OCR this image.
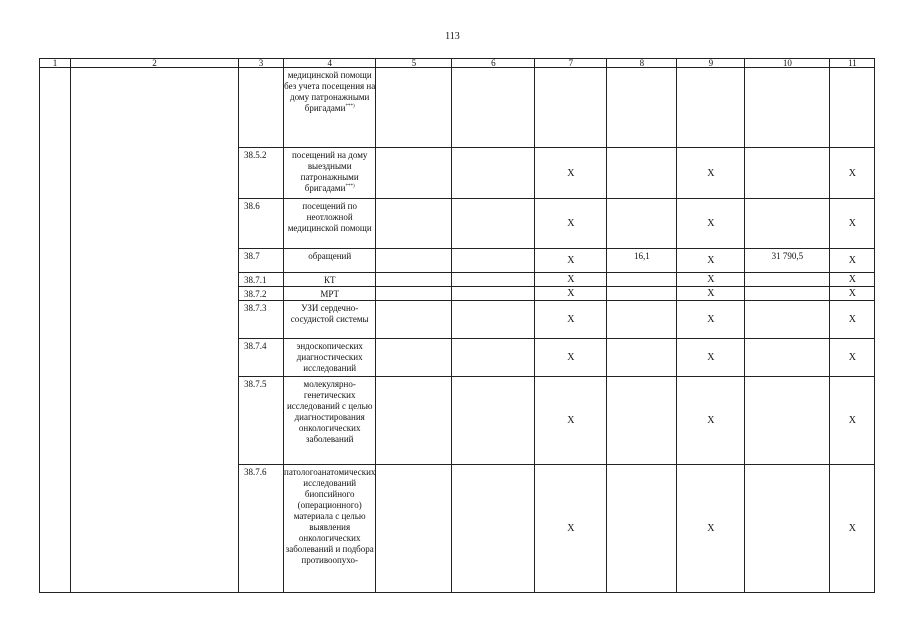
113
1	2	3	4	5	6	7	8	9	10	11
			медицинской помощи без учета посещения на дому патронажными бригадами***)							
		38.5.2	посещений на дому выездными патронажными бригадами***)			X		X		X
		38.6	посещений по неотложной медицинской помощи			X		X		X
		38.7	обращений			X	16,1	X	31 790,5	X
		38.7.1	КТ			X		X		X
		38.7.2	МРТ			X		X		X
		38.7.3	УЗИ сердечно-сосудистой системы			X		X		X
		38.7.4	эндоскопических диагностических исследований			X		X		X
		38.7.5	молекулярно-генетических исследований с целью диагностирования онкологических заболеваний			X		X		X
		38.7.6	патологоанатомических исследований биопсийного (операционного) материала с целью выявления онкологических заболеваний и подбора противоопухо-			X		X		X
